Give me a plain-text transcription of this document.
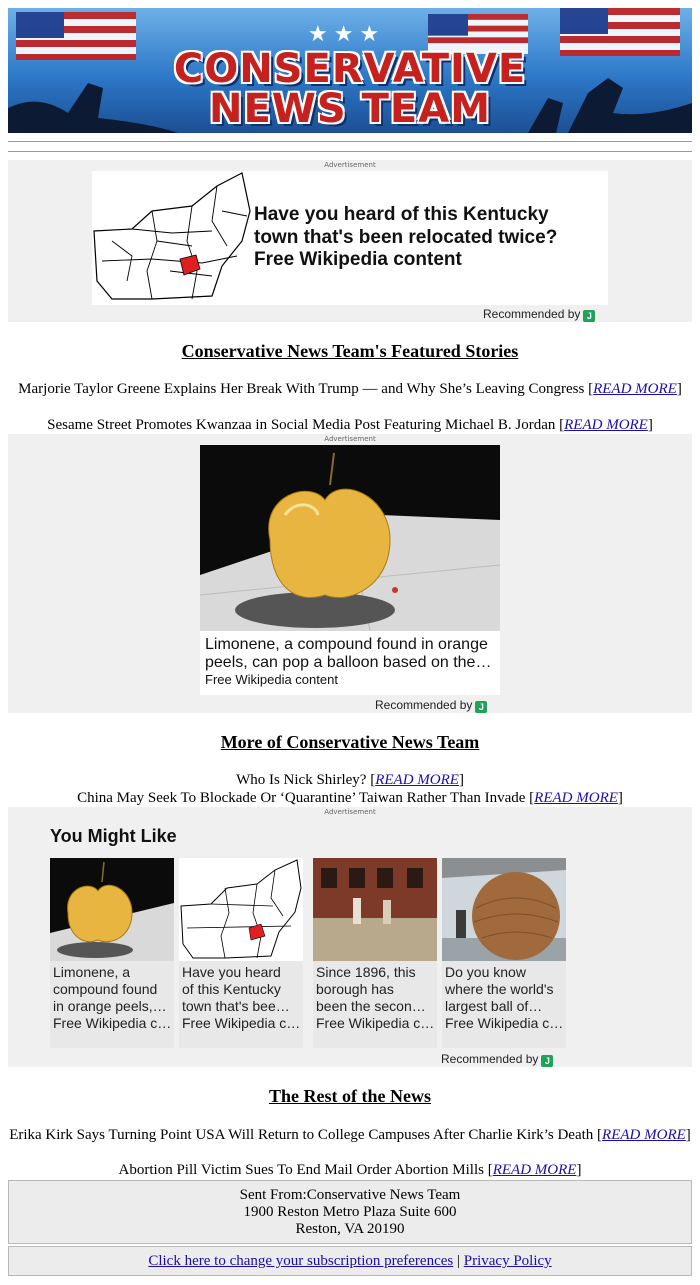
★★★
CONSERVATIVE
NEWS TEAM
Advertisement
Have you heard of this Kentucky town that's been relocated twice?
Free Wikipedia content
Recommended by J
Conservative News Team's Featured Stories
Marjorie Taylor Greene Explains Her Break With Trump — and Why She’s Leaving Congress [READ MORE]
Sesame Street Promotes Kwanzaa in Social Media Post Featuring Michael B. Jordan [READ MORE]
Advertisement
Limonene, a compound found in orange peels, can pop a balloon based on the…
Free Wikipedia content
Recommended by J
More of Conservative News Team
Who Is Nick Shirley? [READ MORE]
China May Seek To Blockade Or ‘Quarantine’ Taiwan Rather Than Invade [READ MORE]
Advertisement
You Might Like
Limonene, a
compound found
in orange peels,…
Free Wikipedia c…
Have you heard
of this Kentucky
town that's bee…
Free Wikipedia c…
Since 1896, this
borough has
been the secon…
Free Wikipedia c…
Do you know
where the world's
largest ball of…
Free Wikipedia c…
Recommended by J
The Rest of the News
Erika Kirk Says Turning Point USA Will Return to College Campuses After Charlie Kirk’s Death [READ MORE]
Abortion Pill Victim Sues To End Mail Order Abortion Mills [READ MORE]
Sent From:Conservative News Team
1900 Reston Metro Plaza Suite 600
Reston, VA 20190
Click here to change your subscription preferences | Privacy Policy
